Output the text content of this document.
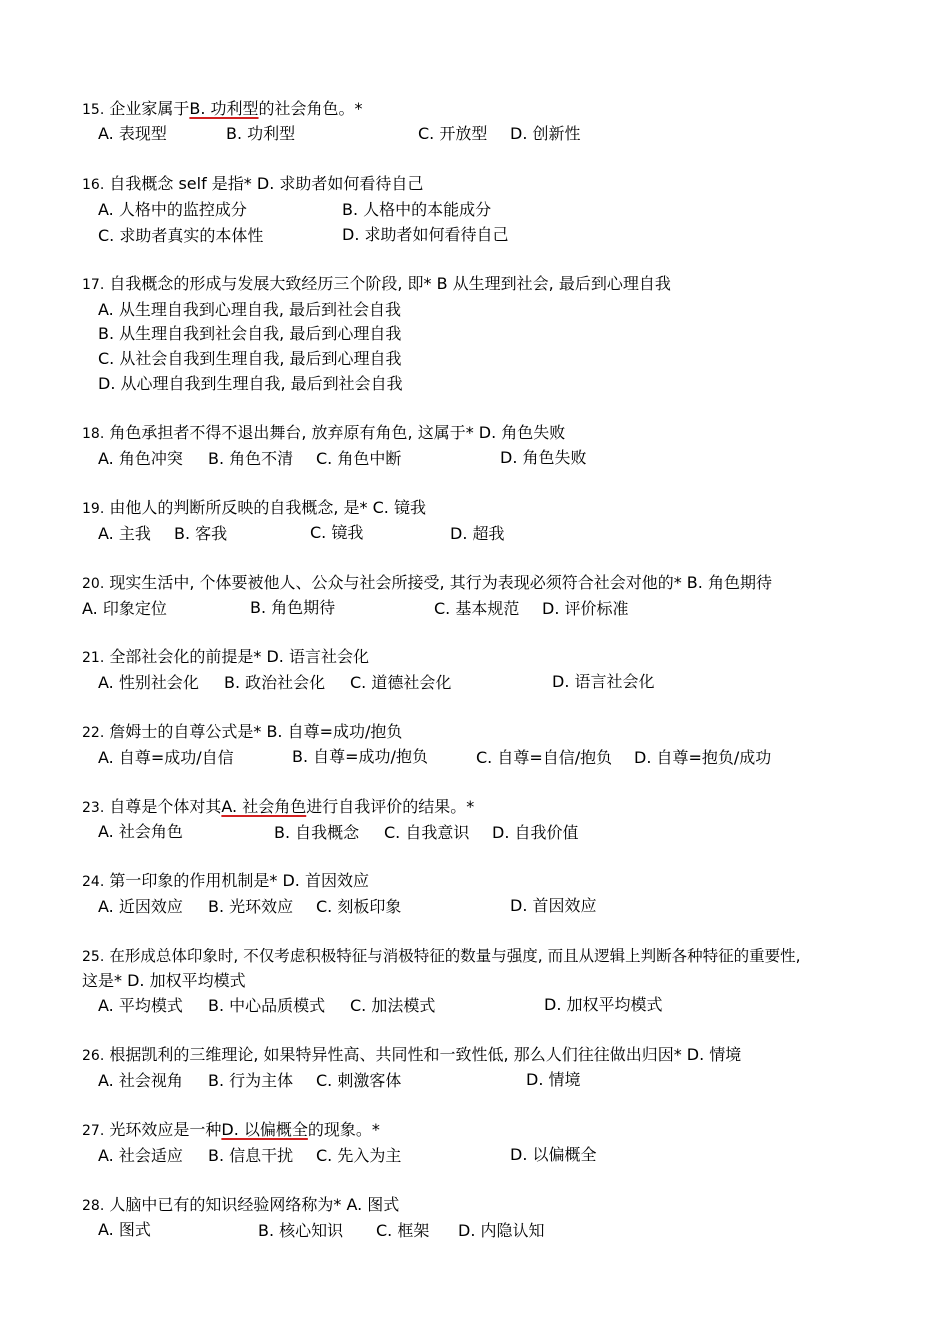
15. 企业家属于B. 功利型的社会角色。*
A. 表现型	B. 功利型	C. 开放型 D. 创新性
16. 自我概念 self 是指* D. 求助者如何看待自己
A. 人格中的监控成分	B. 人格中的本能成分
C. 求助者真实的本体性	D. 求助者如何看待自己
17. 自我概念的形成与发展大致经历三个阶段, 即* B 从生理到社会, 最后到心理自我
A. 从生理自我到心理自我, 最后到社会自我
B. 从生理自我到社会自我, 最后到心理自我
C. 从社会自我到生理自我, 最后到心理自我
D. 从心理自我到生理自我, 最后到社会自我
18. 角色承担者不得不退出舞台, 放弃原有角色, 这属于* D. 角色失败
A. 角色冲突 B. 角色不清 C. 角色中断	D. 角色失败
19. 由他人的判断所反映的自我概念, 是* C. 镜我
A. 主我 B. 客我	C. 镜我	D. 超我
20. 现实生活中, 个体要被他人、公众与社会所接受, 其行为表现必须符合社会对他的* B. 角色期待
A. 印象定位	B. 角色期待	C. 基本规范 D. 评价标准
21. 全部社会化的前提是* D. 语言社会化
A. 性别社会化 B. 政治社会化 C. 道德社会化	D. 语言社会化
22. 詹姆士的自尊公式是* B. 自尊=成功/抱负
A. 自尊=成功/自信	B. 自尊=成功/抱负	C. 自尊=自信/抱负 D. 自尊=抱负/成功
23. 自尊是个体对其A. 社会角色进行自我评价的结果。*
A. 社会角色	B. 自我概念 C. 自我意识 D. 自我价值
24. 第一印象的作用机制是* D. 首因效应
A. 近因效应 B. 光环效应 C. 刻板印象	D. 首因效应
25. 在形成总体印象时, 不仅考虑积极特征与消极特征的数量与强度, 而且从逻辑上判断各种特征的重要性,
这是* D. 加权平均模式
A. 平均模式 B. 中心品质模式 C. 加法模式	D. 加权平均模式
26. 根据凯利的三维理论, 如果特异性高、共同性和一致性低, 那么人们往往做出归因* D. 情境
A. 社会视角 B. 行为主体 C. 刺激客体	D. 情境
27. 光环效应是一种D. 以偏概全的现象。*
A. 社会适应 B. 信息干扰 C. 先入为主	D. 以偏概全
28. 人脑中已有的知识经验网络称为* A. 图式
A. 图式	B. 核心知识 C. 框架 D. 内隐认知
